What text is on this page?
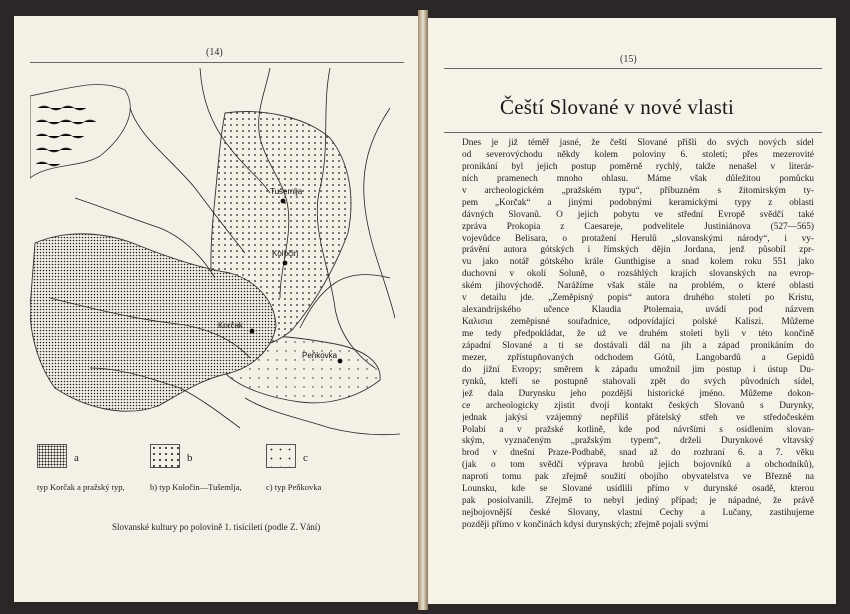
(14)
Tušemlja
Koločin
Korčak
Peňkovka
a	b	c
typ Korčak a pražský typ,	b) typ Koločin—Tušemlja,	c) typ Peňkovka
Slovanské kultury po polovině 1. tisíciletí (podle Z. Vání)
(15)
Čeští Slované v nové vlasti
Dnes je již téměř jasné, že čeští Slované přišli do svých nových sídel
od severovýchodu někdy kolem poloviny 6. století; přes mezerovité
pronikání byl jejich postup poměrně rychlý, takže nenašel v literár-
ních pramenech mnoho ohlasu. Máme však důležitou pomůcku
v archeologickém „pražském typu“, příbuzném s žitomirským ty-
pem „Korčak“ a jinými podobnými keramickými typy z oblasti
dávných Slovanů. O jejich pobytu ve střední Evropě svědčí také
zpráva Prokopia z Caesareje, podvelitele Justiniánova (527—565)
vojevůdce Belisara, o protažení Herulů „slovanskými národy“, i vy-
právění autora gótských i římských dějin Jordana, jenž působil zpr-
vu jako notář gótského krále Gunthigise a snad kolem roku 551 jako
duchovní v okolí Soluně, o rozsáhlých krajích slovanských na evrop-
ském jihovýchodě. Narážíme však stále na problém, o které oblasti
v detailu jde. „Zeměpisný popis“ autora druhého století po Kristu,
alexandrijského učence Klaudia Ptolemaia, uvádí pod názvem
Καλισια zeměpisné souřadnice, odpovídající polské Kaliszi. Můžeme
me tedy předpokládat, že už ve druhém století byli v této končině
západní Slované a ti se dostávali dál na jih a západ pronikáním do
mezer, zpřístupňovaných odchodem Gótů, Langobardů a Gepidů
do jižní Evropy; směrem k západu umožnil jim postup i ústup Du-
rynků, kteří se postupně stahovali zpět do svých původních sídel,
jež dala Durynsku jeho pozdější historické jméno. Můžeme dokon-
ce archeologicky zjistit dvojí kontakt českých Slovanů s Durynky,
jednak jakýsi vzájemný nepříliš přátelský střeh ve středočeském
Polabí a v pražské kotlině, kde pod návršími s osídlením slovan-
ským, vyznačeným „pražským typem“, drželi Durynkové vltavský
brod v dnešní Praze-Podbabě, snad až do rozhraní 6. a 7. věku
(jak o tom svědčí výprava hrobů jejich bojovníků a obchodníků),
naproti tomu pak zřejmě soužití obojího obyvatelstva ve Březně na
Lounsku, kde se Slované usídlili přímo v durynské osadě, kterou
pak posiolvanili. Zřejmě to nebyl jediný případ; je nápadné, že právě
nejbojovnější české Slovany, vlastní Čechy a Lučany, zastihujeme
později přímo v končinách kdysi durynských; zřejmě pojali svými
